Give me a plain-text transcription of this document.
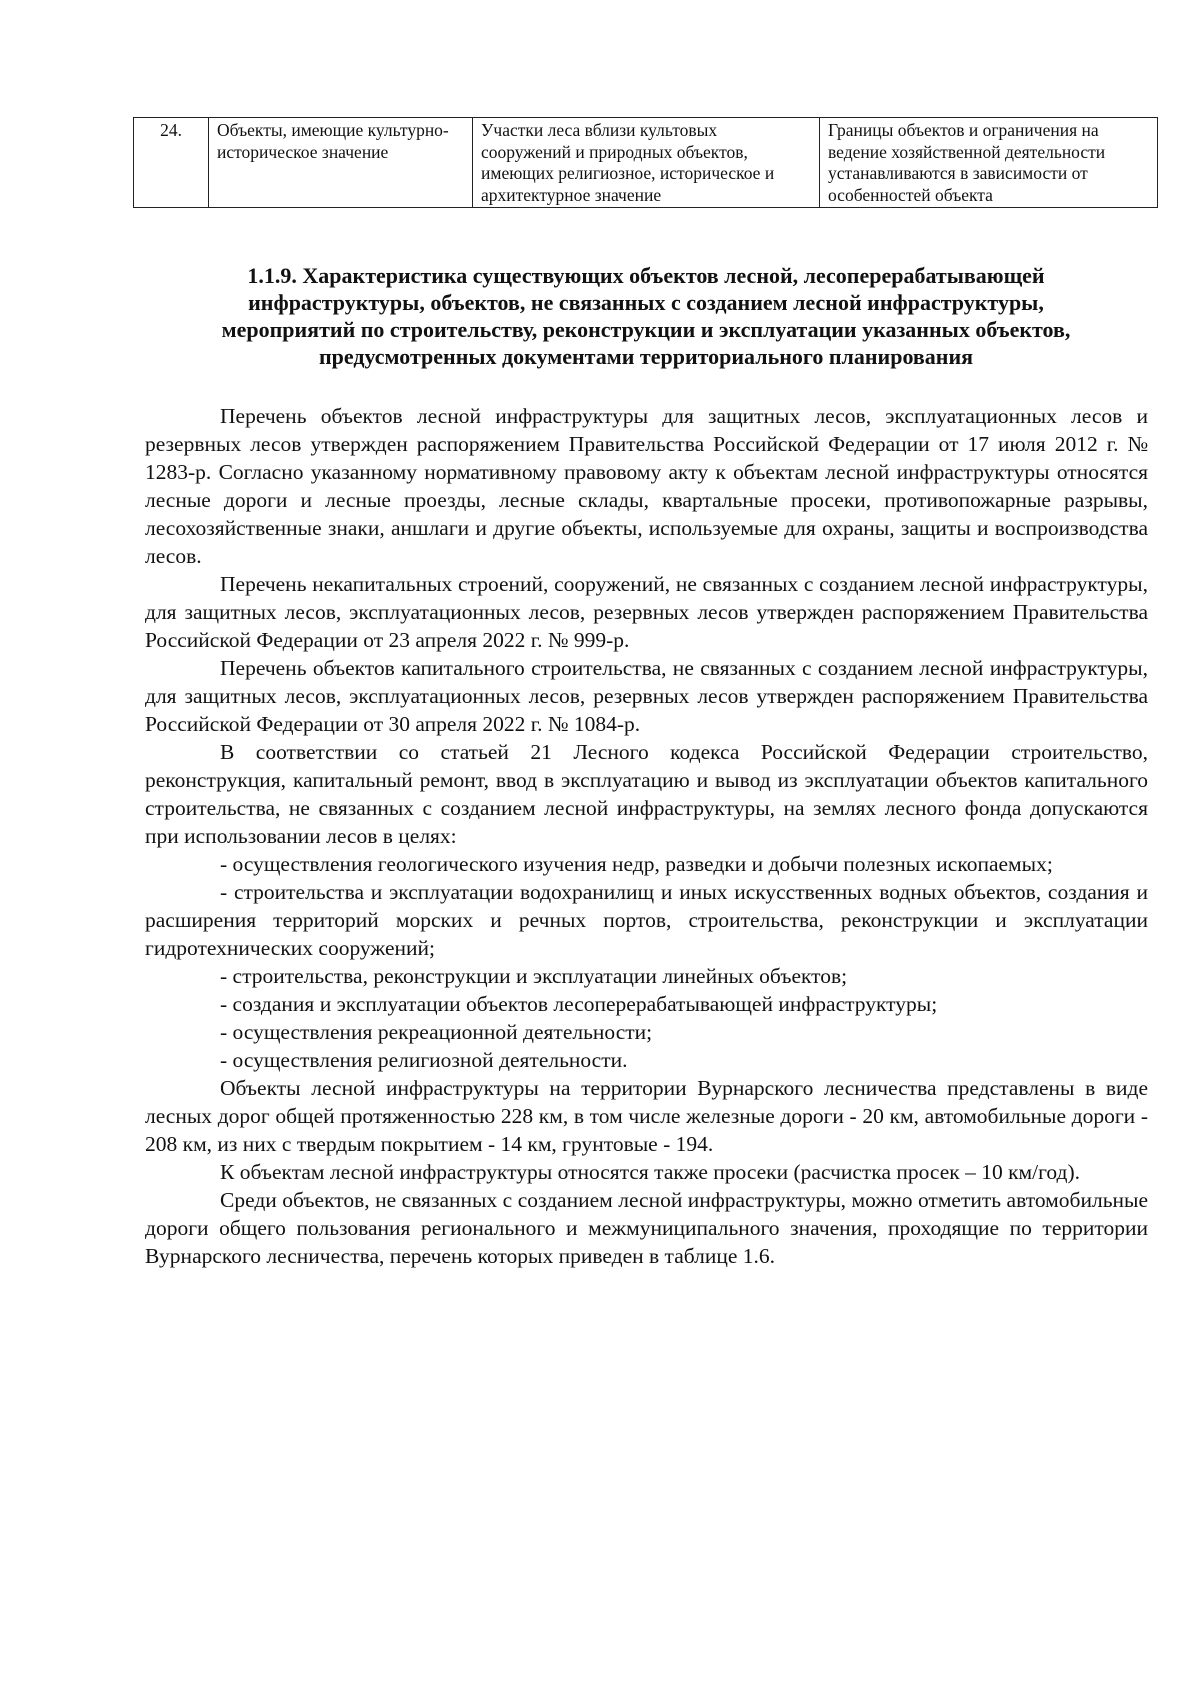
24.	Объекты, имеющие культурно-историческое значение	Участки леса вблизи культовых сооружений и природных объектов, имеющих религиозное, историческое и архитектурное значение	Границы объектов и ограничения на ведение хозяйственной деятельности устанавливаются в зависимости от особенностей объекта
1.1.9. Характеристика существующих объектов лесной, лесоперерабатывающей
инфраструктуры, объектов, не связанных с созданием лесной инфраструктуры,
мероприятий по строительству, реконструкции и эксплуатации указанных объектов,
предусмотренных документами территориального планирования

Перечень объектов лесной инфраструктуры для защитных лесов, эксплуатационных лесов и резервных лесов утвержден распоряжением Правительства Российской Федерации от 17 июля 2012 г. № 1283-р. Согласно указанному нормативному правовому акту к объектам лесной инфраструктуры относятся лесные дороги и лесные проезды, лесные склады, квартальные просеки, противопожарные разрывы, лесохозяйственные знаки, аншлаги и другие объекты, используемые для охраны, защиты и воспроизводства лесов.

Перечень некапитальных строений, сооружений, не связанных с созданием лесной инфраструктуры, для защитных лесов, эксплуатационных лесов, резервных лесов утвержден распоряжением Правительства Российской Федерации от 23 апреля 2022 г. № 999-р.

Перечень объектов капитального строительства, не связанных с созданием лесной инфраструктуры, для защитных лесов, эксплуатационных лесов, резервных лесов утвержден распоряжением Правительства Российской Федерации от 30 апреля 2022 г. № 1084-р.

В соответствии со статьей 21 Лесного кодекса Российской Федерации строительство, реконструкция, капитальный ремонт, ввод в эксплуатацию и вывод из эксплуатации объектов капитального строительства, не связанных с созданием лесной инфраструктуры, на землях лесного фонда допускаются при использовании лесов в целях:

- осуществления геологического изучения недр, разведки и добычи полезных ископаемых;

- строительства и эксплуатации водохранилищ и иных искусственных водных объектов, создания и расширения территорий морских и речных портов, строительства, реконструкции и эксплуатации гидротехнических сооружений;

- строительства, реконструкции и эксплуатации линейных объектов;

- создания и эксплуатации объектов лесоперерабатывающей инфраструктуры;

- осуществления рекреационной деятельности;

- осуществления религиозной деятельности.

Объекты лесной инфраструктуры на территории Вурнарского лесничества представлены в виде лесных дорог общей протяженностью 228 км, в том числе железные дороги - 20 км, автомобильные дороги - 208 км, из них с твердым покрытием - 14 км, грунтовые - 194.

К объектам лесной инфраструктуры относятся также просеки (расчистка просек – 10 км/год).

Среди объектов, не связанных с созданием лесной инфраструктуры, можно отметить автомобильные дороги общего пользования регионального и межмуниципального значения, проходящие по территории Вурнарского лесничества, перечень которых приведен в таблице 1.6.
